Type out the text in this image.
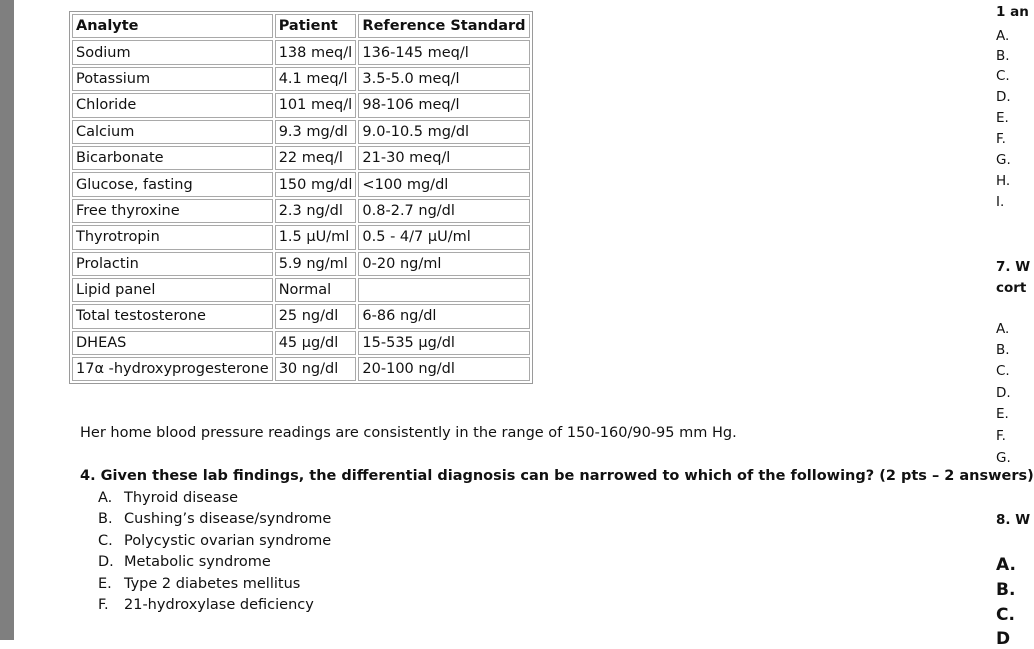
Analyte	Patient	Reference Standard
Sodium	138 meq/l	136-145 meq/l
Potassium	4.1 meq/l	3.5-5.0 meq/l
Chloride	101 meq/l	98-106 meq/l
Calcium	9.3 mg/dl	9.0-10.5 mg/dl
Bicarbonate	22 meq/l	21-30 meq/l
Glucose, fasting	150 mg/dl	<100 mg/dl
Free thyroxine	2.3 ng/dl	0.8-2.7 ng/dl
Thyrotropin	1.5 µU/ml	0.5 - 4/7 µU/ml
Prolactin	5.9 ng/ml	0-20 ng/ml
Lipid panel	Normal	
Total testosterone	25 ng/dl	6-86 ng/dl
DHEAS	45 µg/dl	15-535 µg/dl
17α -hydroxyprogesterone	30 ng/dl	20-100 ng/dl
Her home blood pressure readings are consistently in the range of 150-160/90-95 mm Hg.
4. Given these lab findings, the differential diagnosis can be narrowed to which of the following? (2 pts – 2 answers)
A. Thyroid disease
B. Cushing’s disease/syndrome
C. Polycystic ovarian syndrome
D. Metabolic syndrome
E. Type 2 diabetes mellitus
F. 21-hydroxylase deficiency
1 an
A.
B.
C.
D.
E.
F.
G.
H.
I.
7. W
cort
A.
B.
C.
D.
E.
F.
G.
8. W
A.
B.
C.
D
